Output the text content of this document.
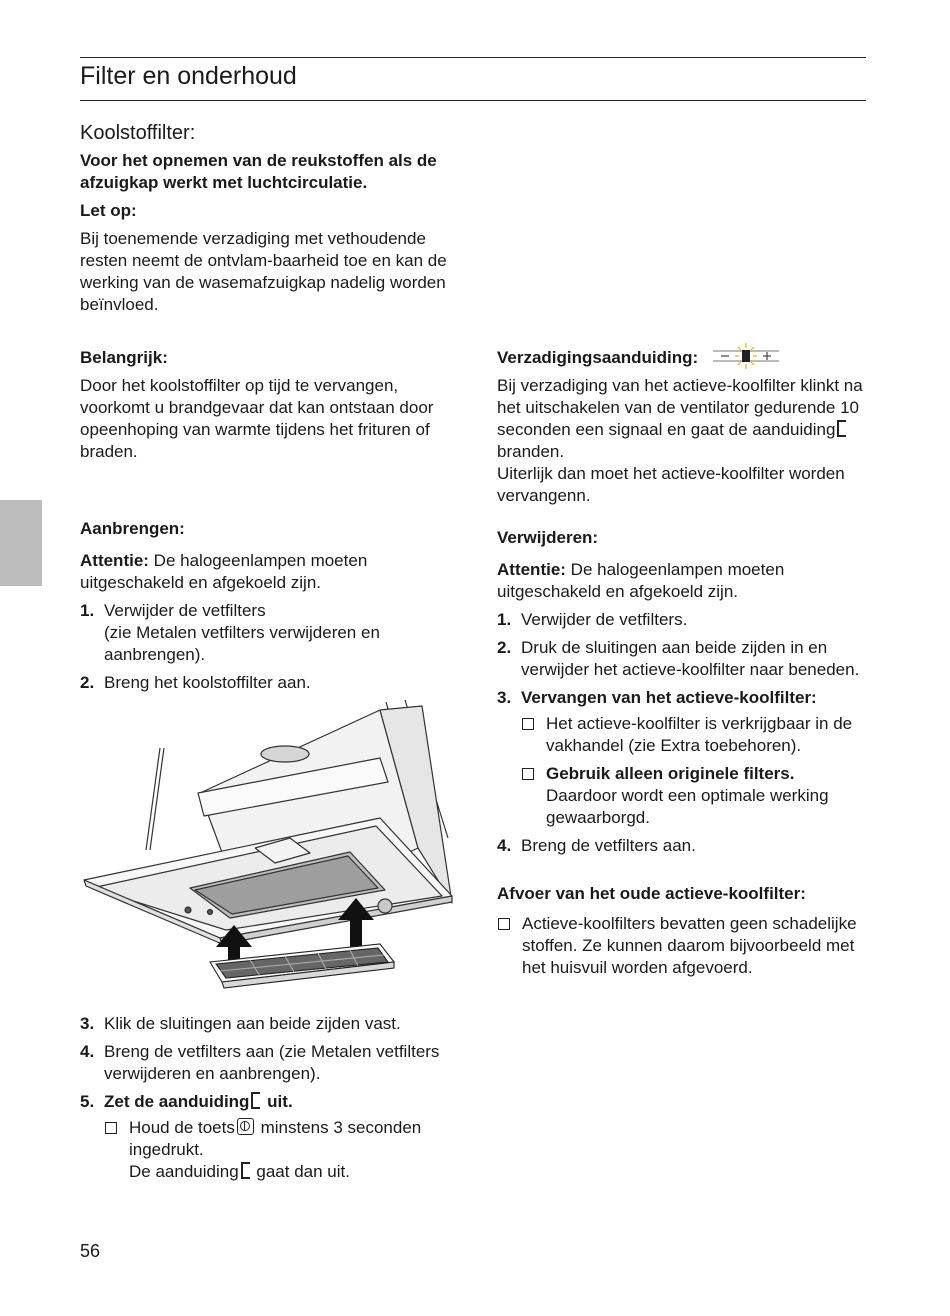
Filter en onderhoud
Koolstoffilter:

Voor het opnemen van de reukstoffen als de afzuigkap werkt met luchtcirculatie.

Let op:

Bij toenemende verzadiging met vethoudende resten neemt de ontvlam-baarheid toe en kan de werking van de wasemafzuigkap nadelig worden beïnvloed.

Belangrijk:

Door het koolstoffilter op tijd te vervangen, voorkomt u brandgevaar dat kan ontstaan door opeenhoping van warmte tijdens het frituren of braden.

Aanbrengen:

Attentie: De halogeenlampen moeten uitgeschakeld en afgekoeld zijn.

1. Verwijder de vetfilters
(zie Metalen vetfilters verwijderen en aanbrengen).
2. Breng het koolstoffilter aan.
3. Klik de sluitingen aan beide zijden vast.
4. Breng de vetfilters aan (zie Metalen vetfilters verwijderen en aanbrengen).
5. Zet de aanduiding uit.
Houd de toets minstens 3 seconden ingedrukt.
De aanduiding gaat dan uit.

Verzadigingsaanduiding:

Bij verzadiging van het actieve-koolfilter klinkt na het uitschakelen van de ventilator gedurende 10 seconden een signaal en gaat de aanduiding branden.

Uiterlijk dan moet het actieve-koolfilter worden vervangenn.

Verwijderen:

Attentie: De halogeenlampen moeten uitgeschakeld en afgekoeld zijn.

1. Verwijder de vetfilters.
2. Druk de sluitingen aan beide zijden in en verwijder het actieve-koolfilter naar beneden.
3. Vervangen van het actieve-koolfilter:
Het actieve-koolfilter is verkrijgbaar in de vakhandel (zie Extra toebehoren).
Gebruik alleen originele filters.
Daardoor wordt een optimale werking gewaarborgd.
4. Breng de vetfilters aan.

Afvoer van het oude actieve-koolfilter:

Actieve-koolfilters bevatten geen schadelijke stoffen. Ze kunnen daarom bijvoorbeeld met het huisvuil worden afgevoerd.
56
